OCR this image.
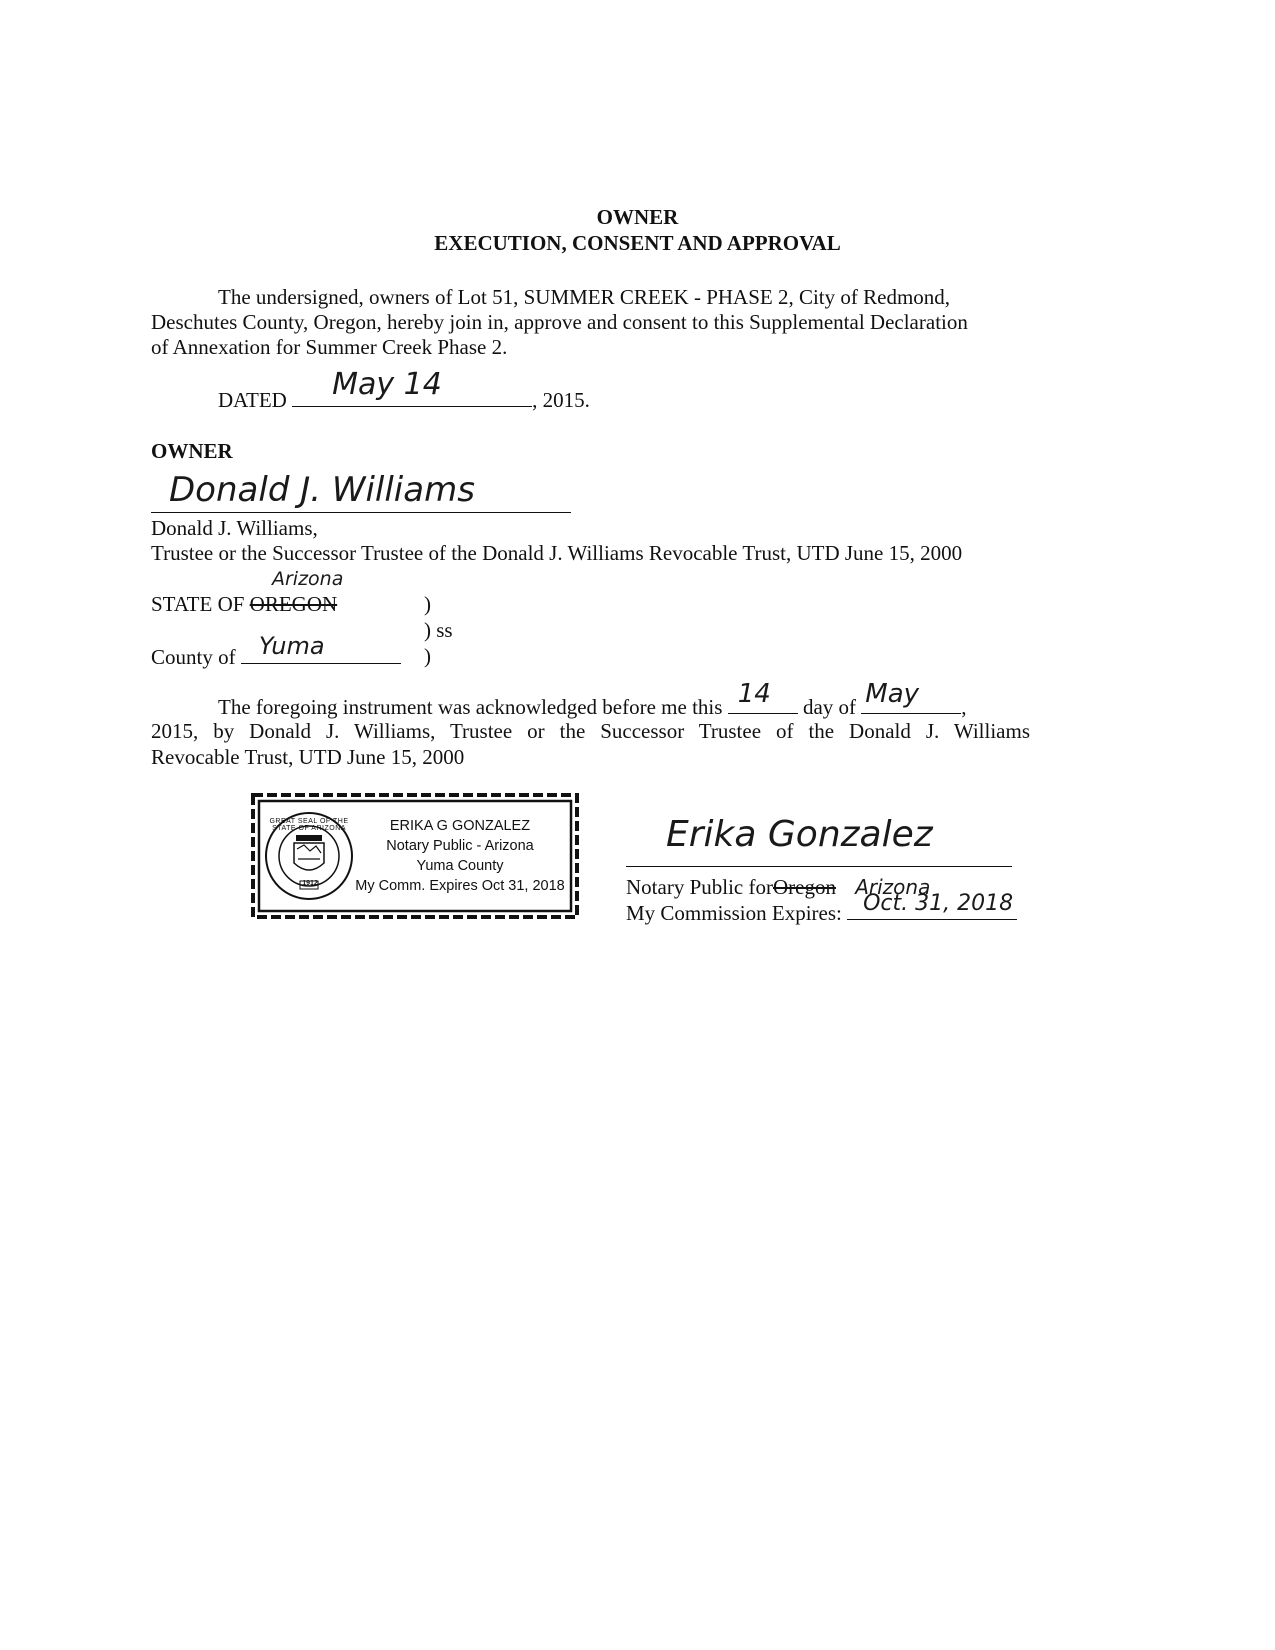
OWNER
EXECUTION, CONSENT AND APPROVAL
The undersigned, owners of Lot 51, SUMMER CREEK - PHASE 2, City of Redmond,
Deschutes County, Oregon, hereby join in, approve and consent to this Supplemental Declaration
of Annexation for Summer Creek Phase 2.
DATED May 14	, 2015.
OWNER
Donald J. Williams
Donald J. Williams,
Trustee or the Successor Trustee of the Donald J. Williams Revocable Trust, UTD June 15, 2000
Arizona
STATE OF OREGON	)
) ss
County of Yuma	)
The foregoing instrument was acknowledged before me this 14 day of May ,
2015, by Donald J. Williams, Trustee or the Successor Trustee of the Donald J. Williams
Revocable Trust, UTD June 15, 2000
GREAT SEAL OF THE STATE OF ARIZONA
1912
ERIKA G GONZALEZ
Notary Public - Arizona
Yuma County
My Comm. Expires Oct 31, 2018
Erika Gonzalez
Notary Public forOregon Arizona
My Commission Expires: Oct. 31, 2018
